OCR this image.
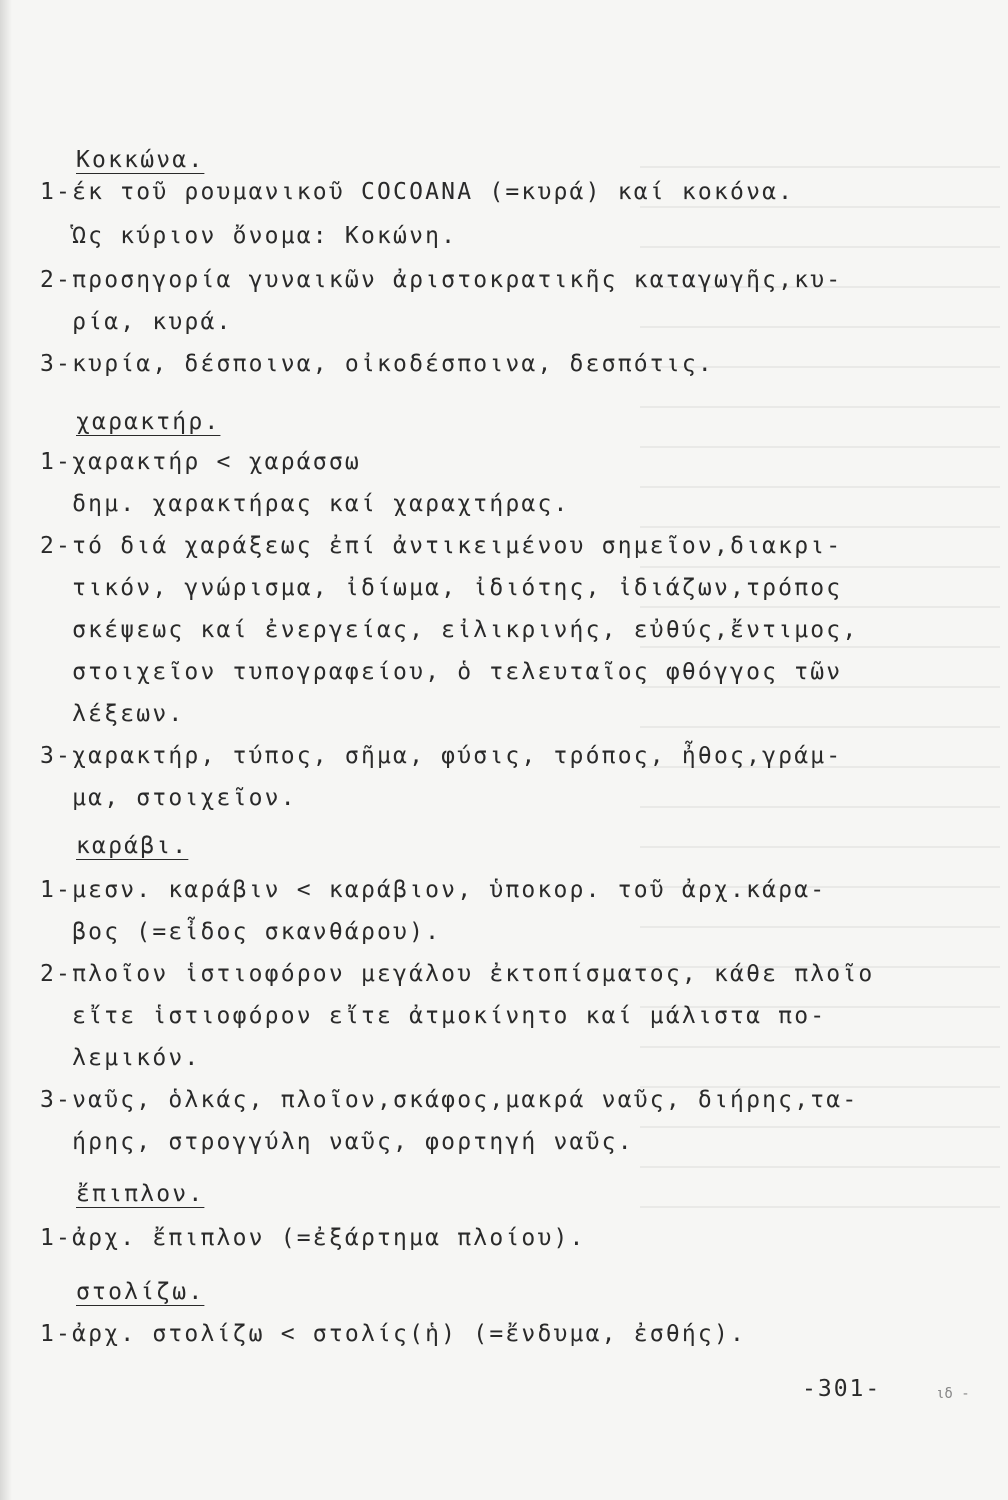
Κοκκώνα.
1-έκ τοῦ ρουμανικοῦ COCOANA (=κυρά) καί κοκόνα.
Ὡς κύριον ὄνομα: Κοκώνη.
2-προσηγορία γυναικῶν ἀριστοκρατικῆς καταγωγῆς,κυ-
ρία, κυρά.
3-κυρία, δέσποινα, οἰκοδέσποινα, δεσπότις.
χαρακτήρ.
1-χαρακτήρ < χαράσσω
δημ. χαρακτήρας καί χαραχτήρας.
2-τό διά χαράξεως ἐπί ἀντικειμένου σημεῖον,διακρι-
τικόν, γνώρισμα, ἰδίωμα, ἰδιότης, ἰδιάζων,τρόπος
σκέψεως καί ἐνεργείας, εἰλικρινής, εὐθύς,ἔντιμος,
στοιχεῖον τυπογραφείου, ὁ τελευταῖος φθόγγος τῶν
λέξεων.
3-χαρακτήρ, τύπος, σῆμα, φύσις, τρόπος, ἦθος,γράμ-
μα, στοιχεῖον.
καράβι.
1-μεσν. καράβιν < καράβιον, ὑποκορ. τοῦ ἀρχ.κάρα-
βος (=εἶδος σκανθάρου).
2-πλοῖον ἱστιοφόρον μεγάλου ἐκτοπίσματος, κάθε πλοῖο
εἴτε ἱστιοφόρον εἴτε ἀτμοκίνητο καί μάλιστα πο-
λεμικόν.
3-ναῦς, ὁλκάς, πλοῖον,σκάφος,μακρά ναῦς, διήρης,τα-
ήρης, στρογγύλη ναῦς, φορτηγή ναῦς.
ἔπιπλον.
1-ἀρχ. ἔπιπλον (=ἐξάρτημα πλοίου).
στολίζω.
1-ἀρχ. στολίζω < στολίς(ἡ) (=ἔνδυμα, ἐσθής).
-301-	ιδ -
